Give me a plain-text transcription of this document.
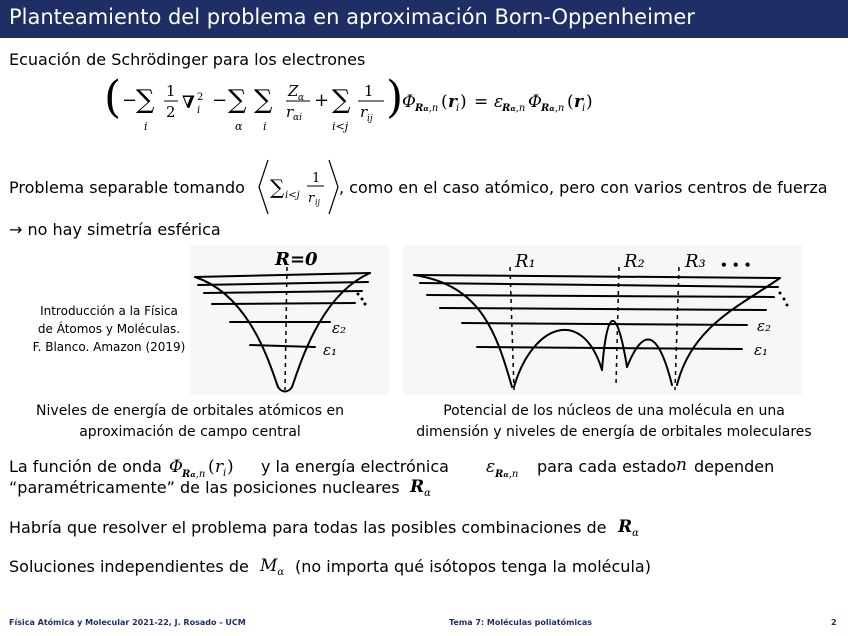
Planteamiento del problema en aproximación Born-Oppenheimer
Ecuación de Schrödinger para los electrones
( −
∑
i
1
2 ∇ 2
i − ∑
α
∑
i
Z α
r αi
+ ∑
i<j
1
r ij )
Φ Rα,n ( r i ) = ε
Rα,n Φ Rα,n ( r i )
Problema separable tomando ∑ i<j
1
r ij
, como en el caso atómico, pero con varios centros de fuerza
→ no hay simetría esférica
Introducción a la Física
de Átomos y Moléculas.
F. Blanco. Amazon (2019)
R=0
ε₂
ε₁
R₁	R₂ R₃ • • •
ε₂
ε₁
Niveles de energía de orbitales atómicos en
aproximación de campo central
Potencial de los núcleos de una molécula en una
dimensión y niveles de energía de orbitales moleculares
La función de onda Φ Rα,n ( r i ) y la energía electrónica ε Rα,n para cada estado n dependen
“paramétricamente” de las posiciones nucleares $R_\alpha$
Habría que resolver el problema para todas las posibles combinaciones de $R_\alpha$
Soluciones independientes de $M_\alpha$ (no importa qué isótopos tenga la molécula)
Física Atómica y Molecular 2021-22, J. Rosado - UCM	Tema 7: Moléculas poliatómicas	2
